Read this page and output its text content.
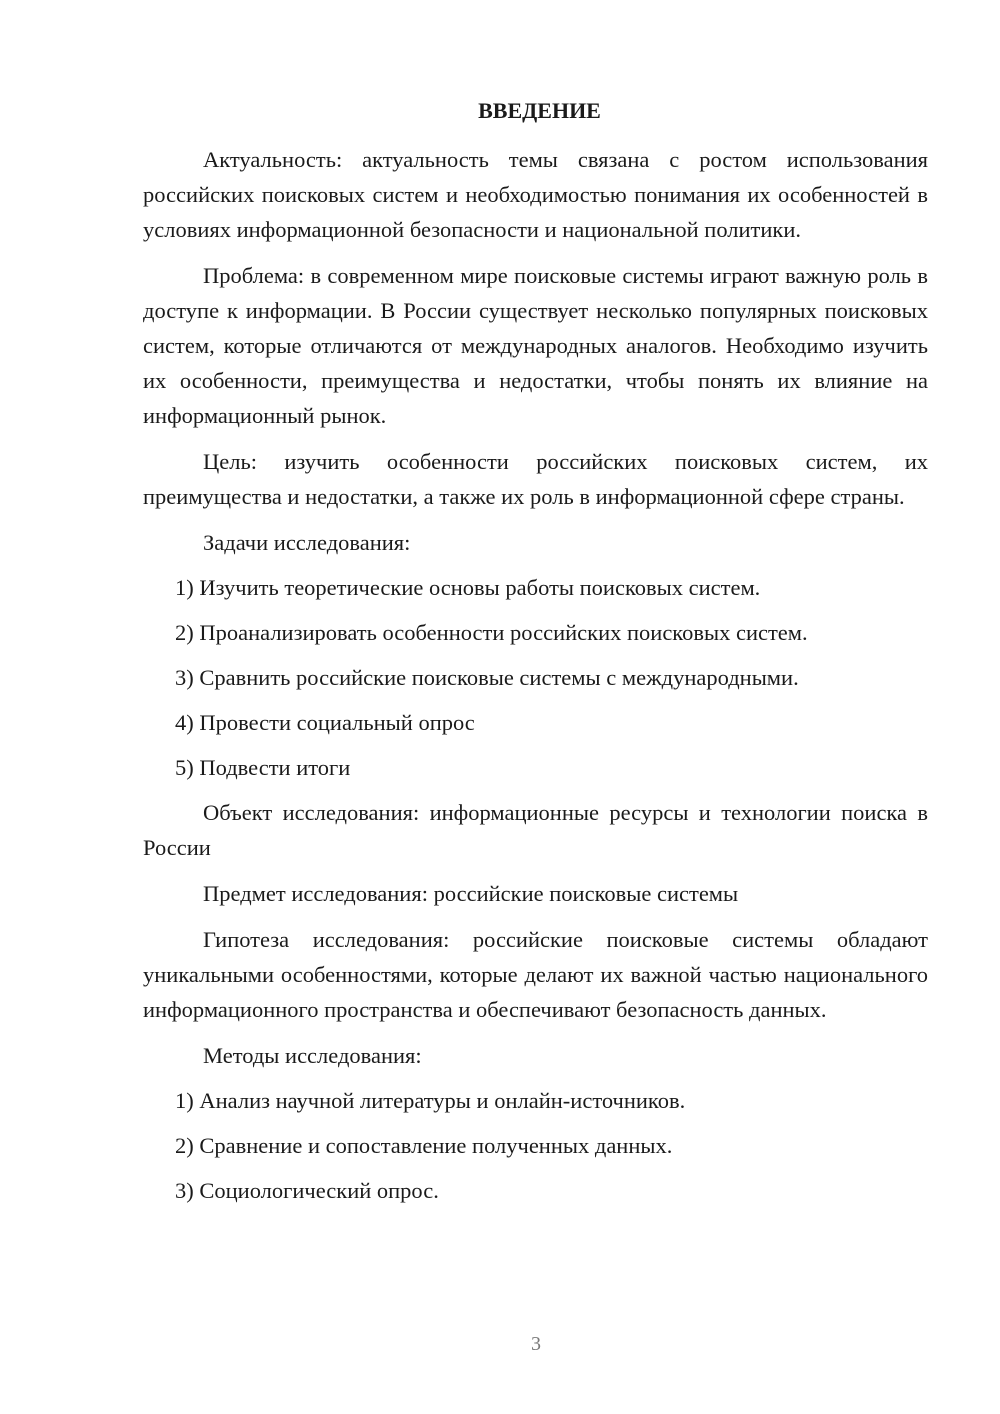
ВВЕДЕНИЕ

Актуальность: актуальность темы связана с ростом использования российских поисковых систем и необходимостью понимания их особенностей в условиях информационной безопасности и национальной политики.

Проблема: в современном мире поисковые системы играют важную роль в доступе к информации. В России существует несколько популярных поисковых систем, которые отличаются от международных аналогов. Необходимо изучить их особенности, преимущества и недостатки, чтобы понять их влияние на информационный рынок.

Цель: изучить особенности российских поисковых систем, их преимущества и недостатки, а также их роль в информационной сфере страны.

Задачи исследования:

1) Изучить теоретические основы работы поисковых систем.
2) Проанализировать особенности российских поисковых систем.
3) Сравнить российские поисковые системы с международными.
4) Провести социальный опрос
5) Подвести итоги

Объект исследования: информационные ресурсы и технологии поиска в России

Предмет исследования: российские поисковые системы

Гипотеза исследования: российские поисковые системы обладают уникальными особенностями, которые делают их важной частью национального информационного пространства и обеспечивают безопасность данных.

Методы исследования:

1) Анализ научной литературы и онлайн-источников.
2) Сравнение и сопоставление полученных данных.
3) Социологический опрос.
3
